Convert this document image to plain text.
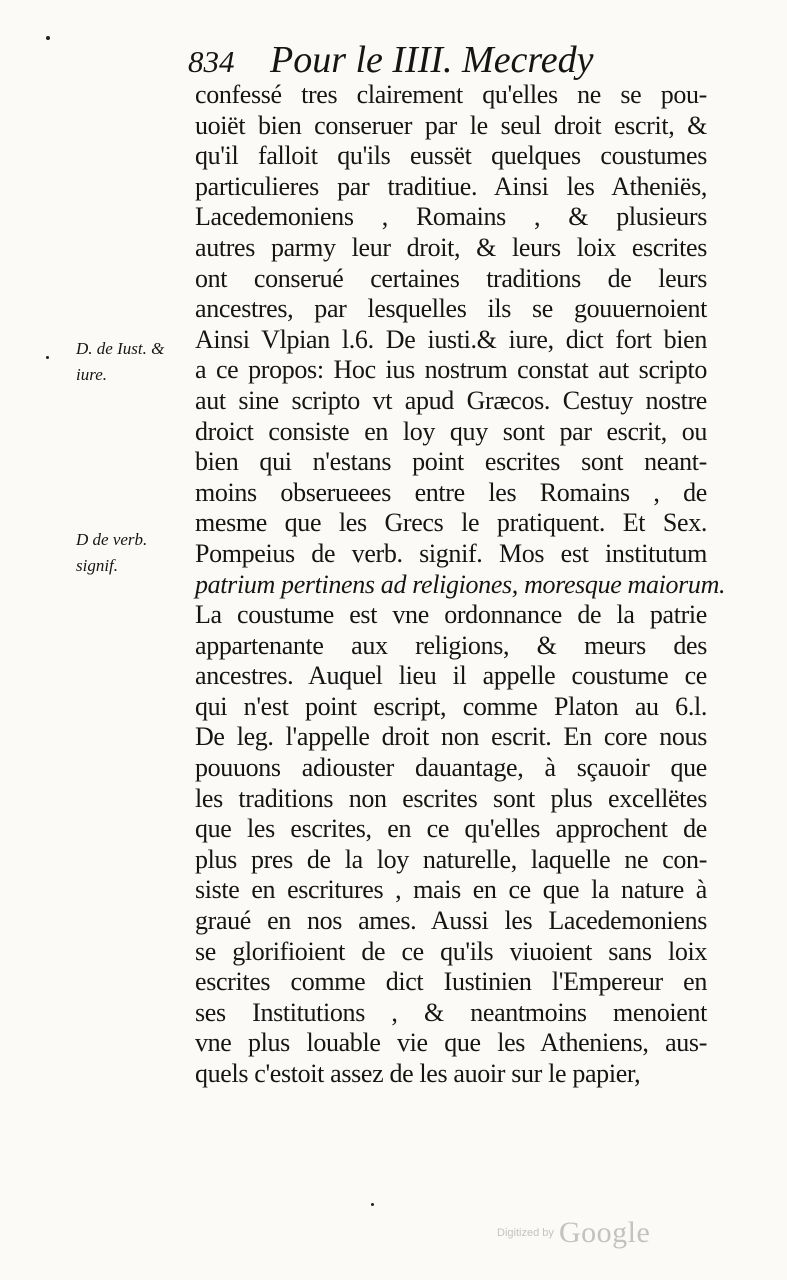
834 Pour le IIII. Mecredy
confessé tres clairement qu'elles ne se pou-
uoiët bien conseruer par le seul droit escrit, &
qu'il falloit qu'ils eussët quelques coustumes
particulieres par traditiue. Ainsi les Atheniës,
Lacedemoniens , Romains , & plusieurs
autres parmy leur droit, & leurs loix escrites
ont conserué certaines traditions de leurs
ancestres, par lesquelles ils se gouuernoient
Ainsi Vlpian l.6. De iusti.& iure, dict fort bien
a ce propos: Hoc ius nostrum constat aut scripto
aut sine scripto vt apud Græcos. Cestuy nostre
droict consiste en loy quy sont par escrit, ou
bien qui n'estans point escrites sont neant-
moins obserueees entre les Romains , de
mesme que les Grecs le pratiquent. Et Sex.
Pompeius de verb. signif. Mos est institutum
patrium pertinens ad religiones, moresque maiorum.
La coustume est vne ordonnance de la patrie
appartenante aux religions, & meurs des
ancestres. Auquel lieu il appelle coustume ce
qui n'est point escript, comme Platon au 6.l.
De leg. l'appelle droit non escrit. En core nous
pouuons adiouster dauantage, à sçauoir que
les traditions non escrites sont plus excellëtes
que les escrites, en ce qu'elles approchent de
plus pres de la loy naturelle, laquelle ne con-
siste en escritures , mais en ce que la nature à
graué en nos ames. Aussi les Lacedemoniens
se glorifioient de ce qu'ils viuoient sans loix
escrites comme dict Iustinien l'Empereur en
ses Institutions , & neantmoins menoient
vne plus louable vie que les Atheniens, aus-
quels c'estoit assez de les auoir sur le papier,
D. de Iust. &
iure.
D de verb.
signif.
Digitized by Google
